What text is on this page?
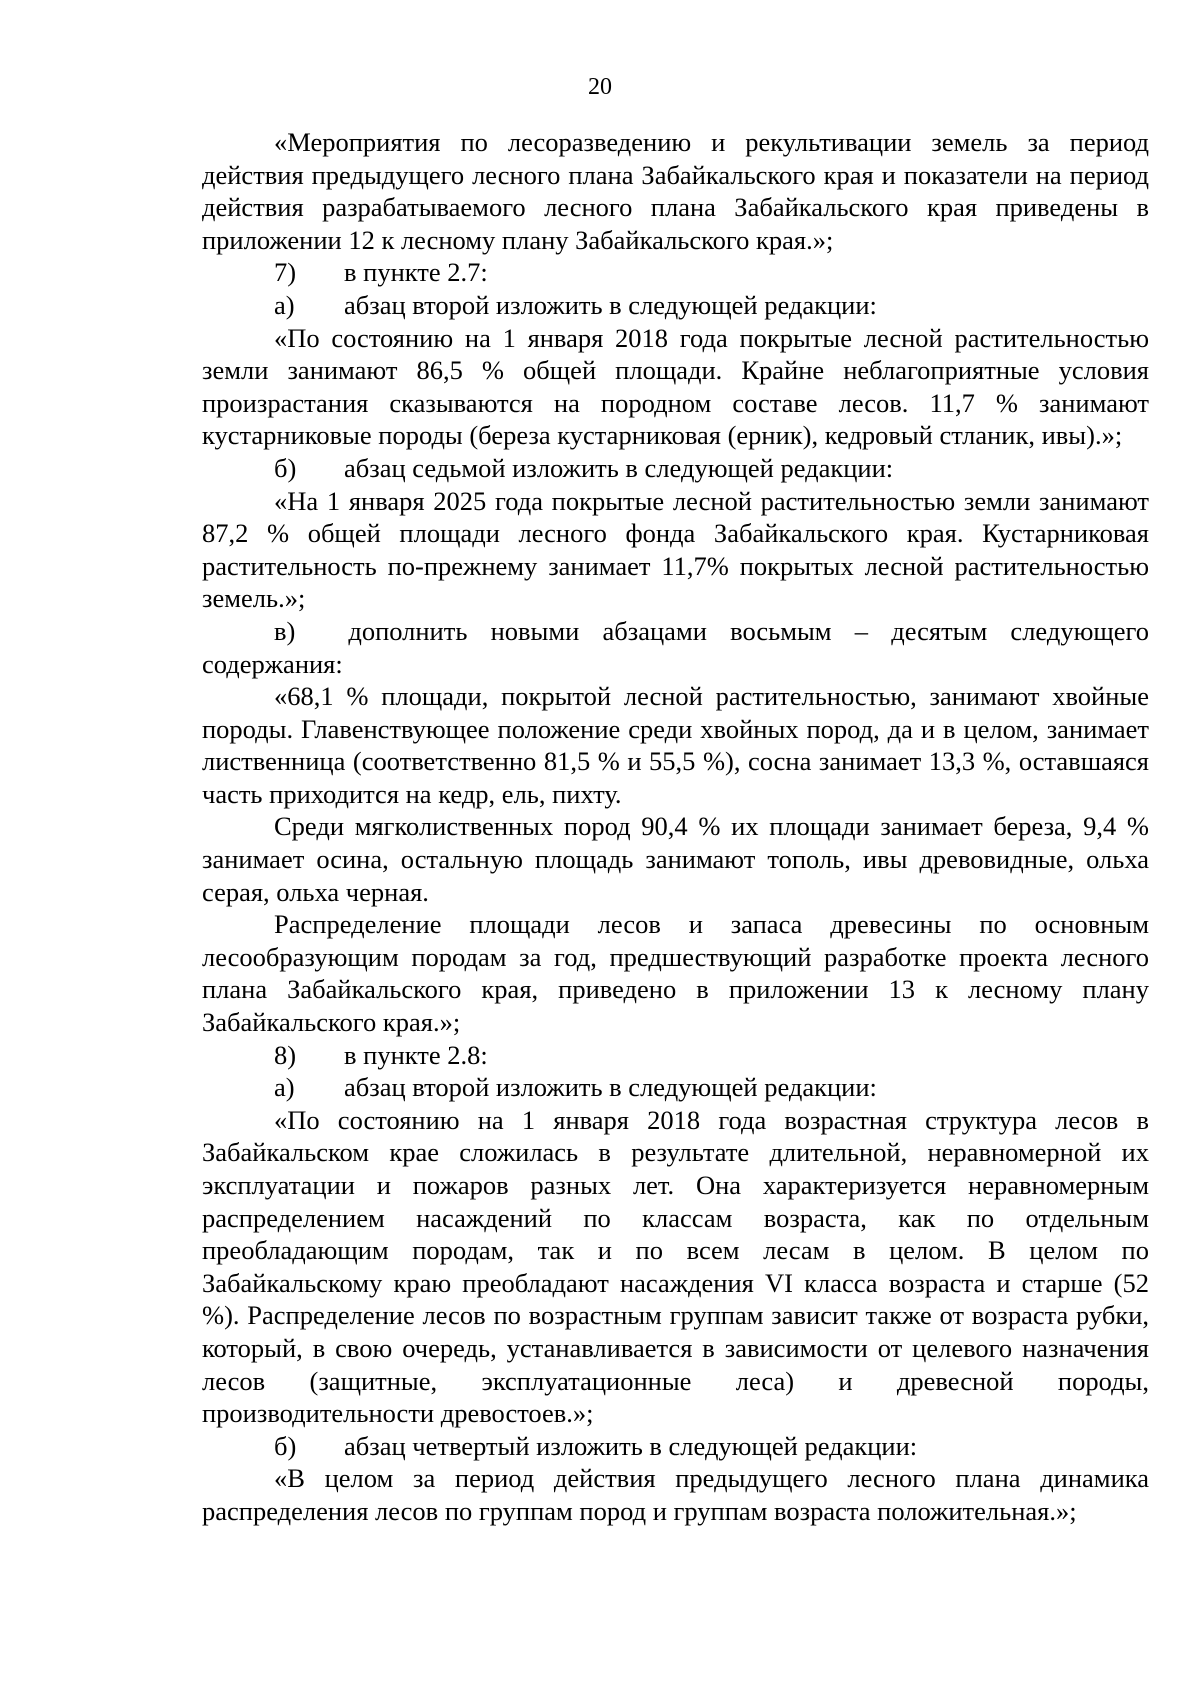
20

«Мероприятия по лесоразведению и рекультивации земель за период действия предыдущего лесного плана Забайкальского края и показатели на период действия разрабатываемого лесного плана Забайкальского края приведены в приложении 12 к лесному плану Забайкальского края.»;

7) в пункте 2.7:
а) абзац второй изложить в следующей редакции:

«По состоянию на 1 января 2018 года покрытые лесной растительностью земли занимают 86,5 % общей площади. Крайне неблагоприятные условия произрастания сказываются на породном составе лесов. 11,7 % занимают кустарниковые породы (береза кустарниковая (ерник), кедровый стланик, ивы).»;

б) абзац седьмой изложить в следующей редакции:

«На 1 января 2025 года покрытые лесной растительностью земли занимают 87,2 % общей площади лесного фонда Забайкальского края. Кустарниковая растительность по-прежнему занимает 11,7% покрытых лесной растительностью земель.»;

в)  дополнить новыми абзацами восьмым – десятым следующего содержания:

«68,1 % площади, покрытой лесной растительностью, занимают хвойные породы. Главенствующее положение среди хвойных пород, да и в целом, занимает лиственница (соответственно 81,5 % и 55,5 %), сосна занимает 13,3 %, оставшаяся часть приходится на кедр, ель, пихту.

Среди мягколиственных пород 90,4 % их площади занимает береза, 9,4 % занимает осина, остальную площадь занимают тополь, ивы древовидные, ольха серая, ольха черная.

Распределение площади лесов и запаса древесины по основным лесообразующим породам за год, предшествующий разработке проекта лесного плана Забайкальского края, приведено в приложении 13 к лесному плану Забайкальского края.»;

8) в пункте 2.8:
а) абзац второй изложить в следующей редакции:

«По состоянию на 1 января 2018 года возрастная структура лесов в Забайкальском крае сложилась в результате длительной, неравномерной их эксплуатации и пожаров разных лет. Она характеризуется неравномерным распределением насаждений по классам возраста, как по отдельным преобладающим породам, так и по всем лесам в целом. В целом по Забайкальскому краю преобладают насаждения VI класса возраста и старше (52 %). Распределение лесов по возрастным группам зависит также от возраста рубки, который, в свою очередь, устанавливается в зависимости от целевого назначения лесов (защитные, эксплуатационные леса) и древесной породы, производительности древостоев.»;

б) абзац четвертый изложить в следующей редакции:

«В целом за период действия предыдущего лесного плана динамика распределения лесов по группам пород и группам возраста положительная.»;
